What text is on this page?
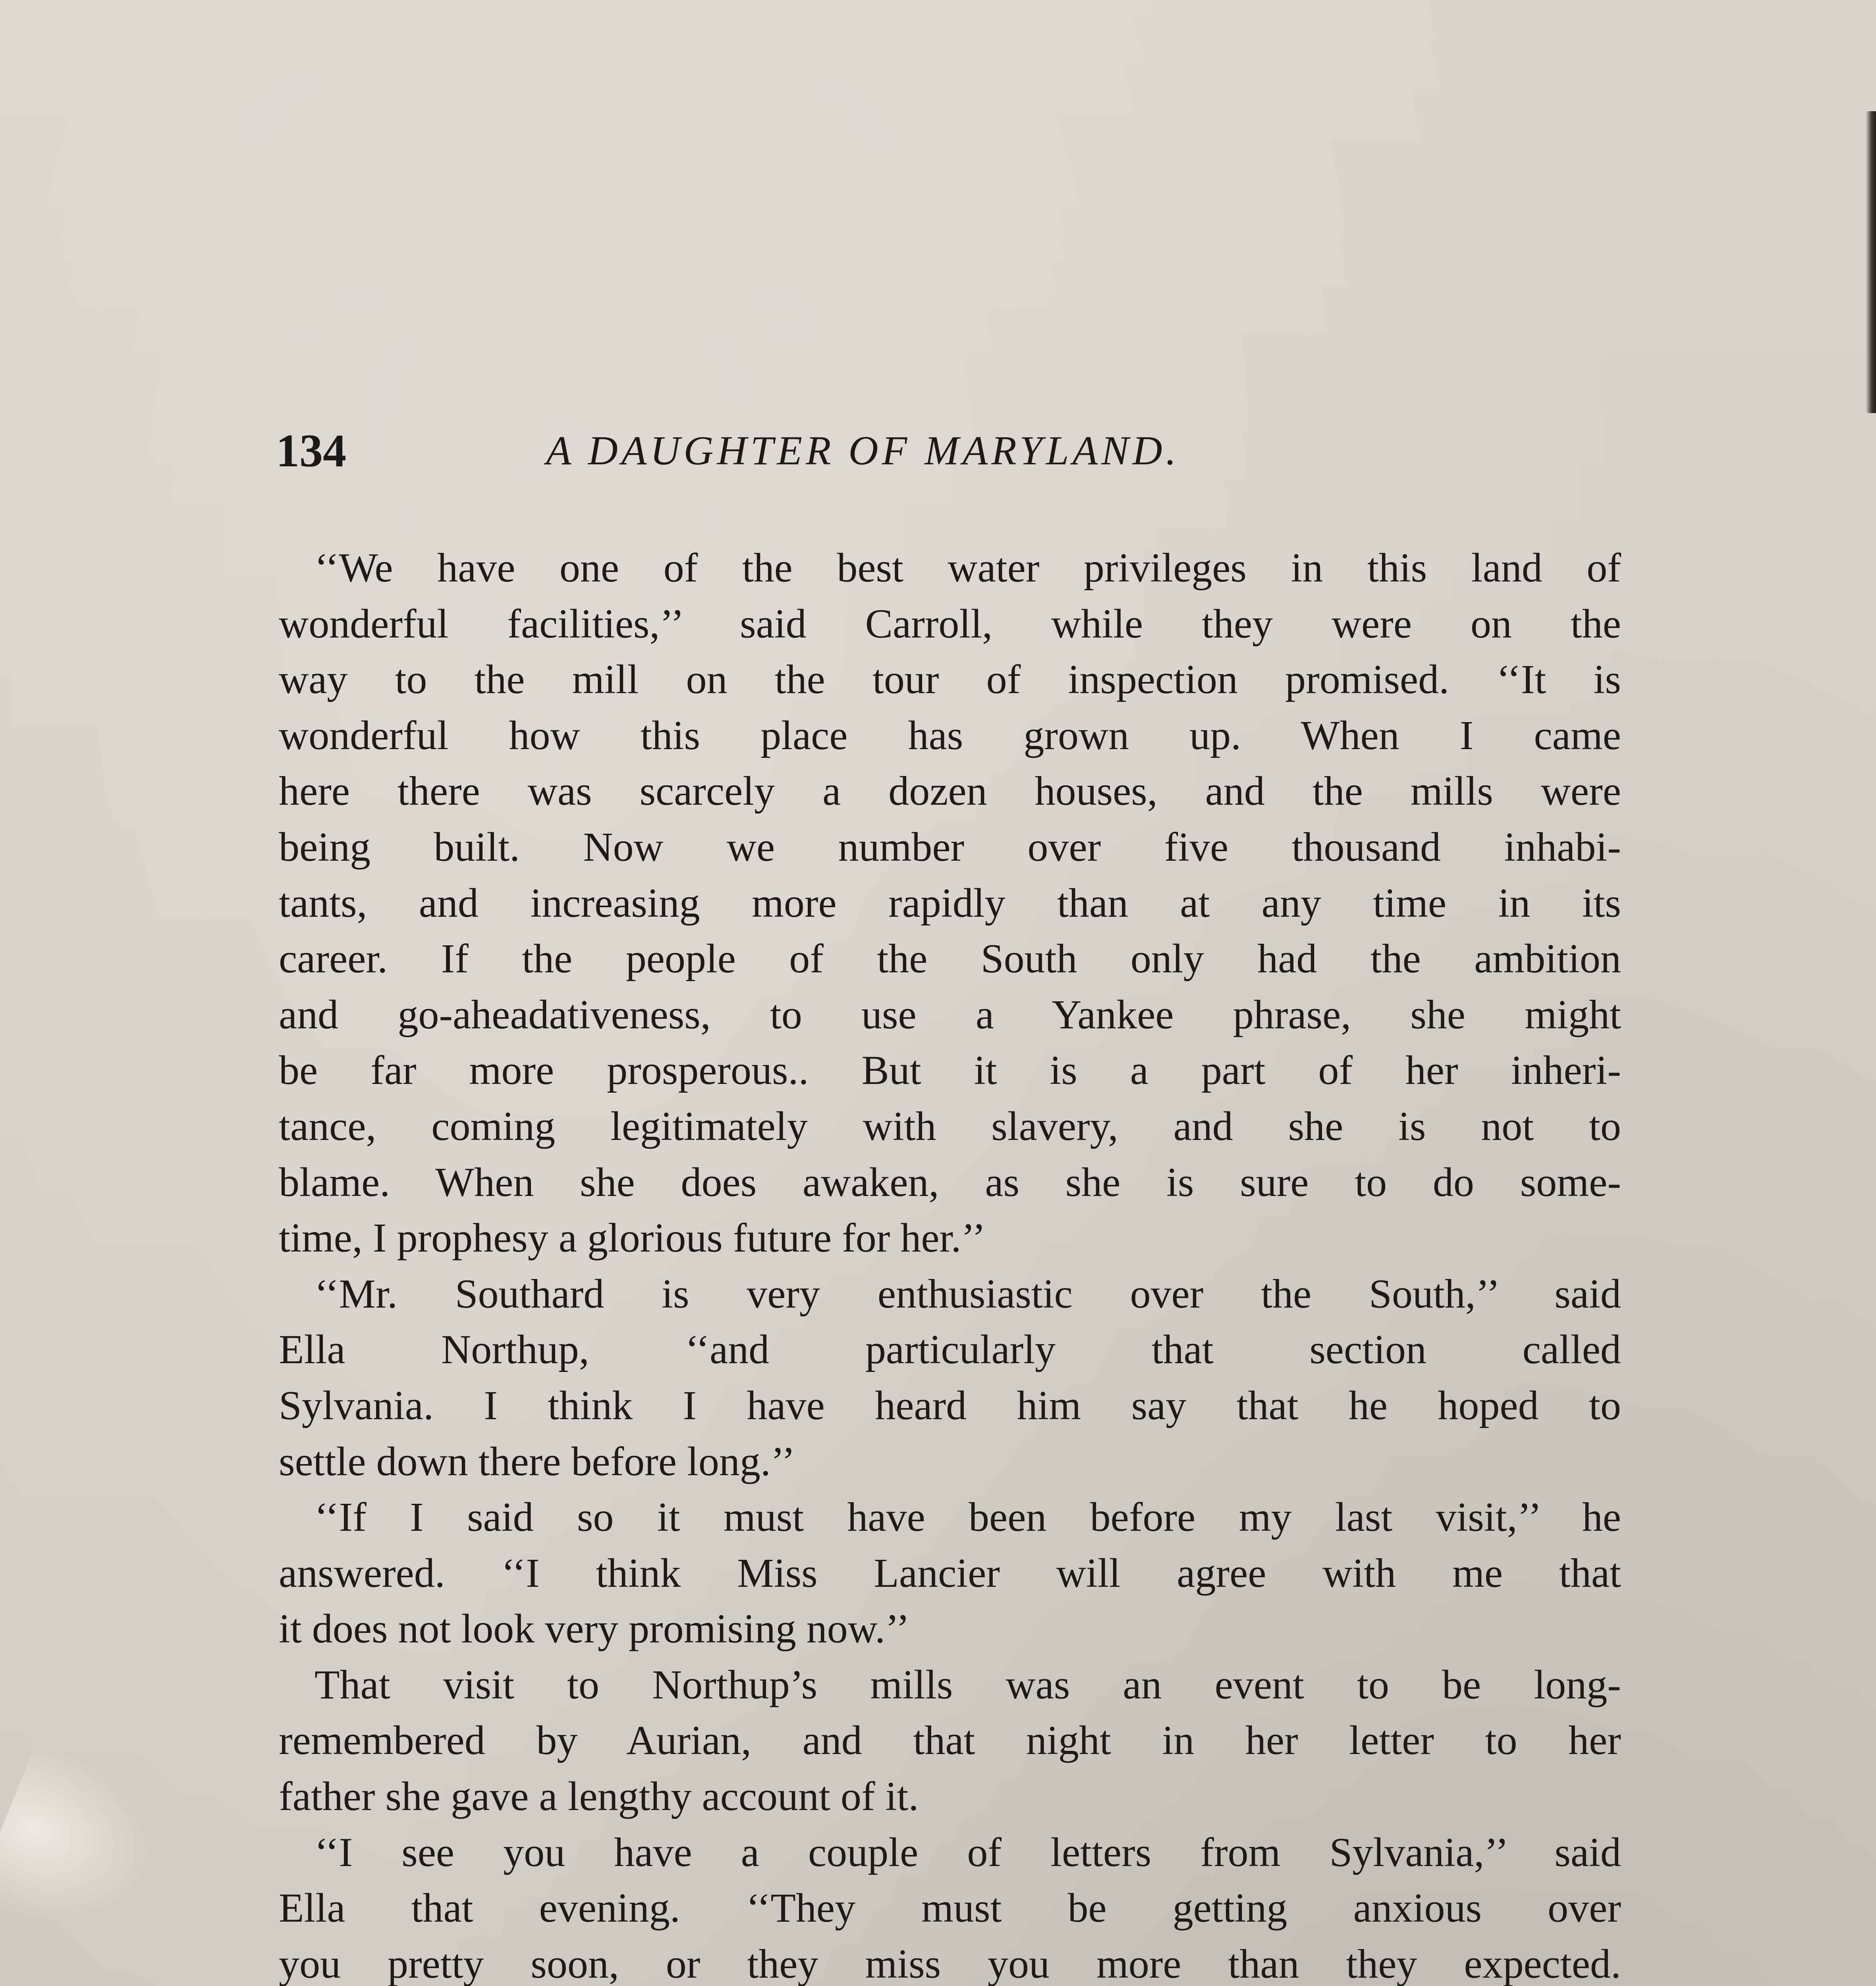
134	A DAUGHTER OF MARYLAND.
‘‘We have one of the best water privileges in this land of
wonderful facilities,’’ said Carroll, while they were on the
way to the mill on the tour of inspection promised. ‘‘It is
wonderful how this place has grown up. When I came
here there was scarcely a dozen houses, and the mills were
being built. Now we number over five thousand inhabi-
tants, and increasing more rapidly than at any time in its
career. If the people of the South only had the ambition
and go-aheadativeness, to use a Yankee phrase, she might
be far more prosperous.. But it is a part of her inheri-
tance, coming legitimately with slavery, and she is not to
blame. When she does awaken, as she is sure to do some-
time, I prophesy a glorious future for her.’’
‘‘Mr. Southard is very enthusiastic over the South,’’ said
Ella Northup, ‘‘and particularly that section called
Sylvania. I think I have heard him say that he hoped to
settle down there before long.’’
‘‘If I said so it must have been before my last visit,’’ he
answered. ‘‘I think Miss Lancier will agree with me that
it does not look very promising now.’’
That visit to Northup’s mills was an event to be long-
remembered by Aurian, and that night in her letter to her
father she gave a lengthy account of it.
‘‘I see you have a couple of letters from Sylvania,’’ said
Ella that evening. ‘‘They must be getting anxious over
you pretty soon, or they miss you more than they expected.
